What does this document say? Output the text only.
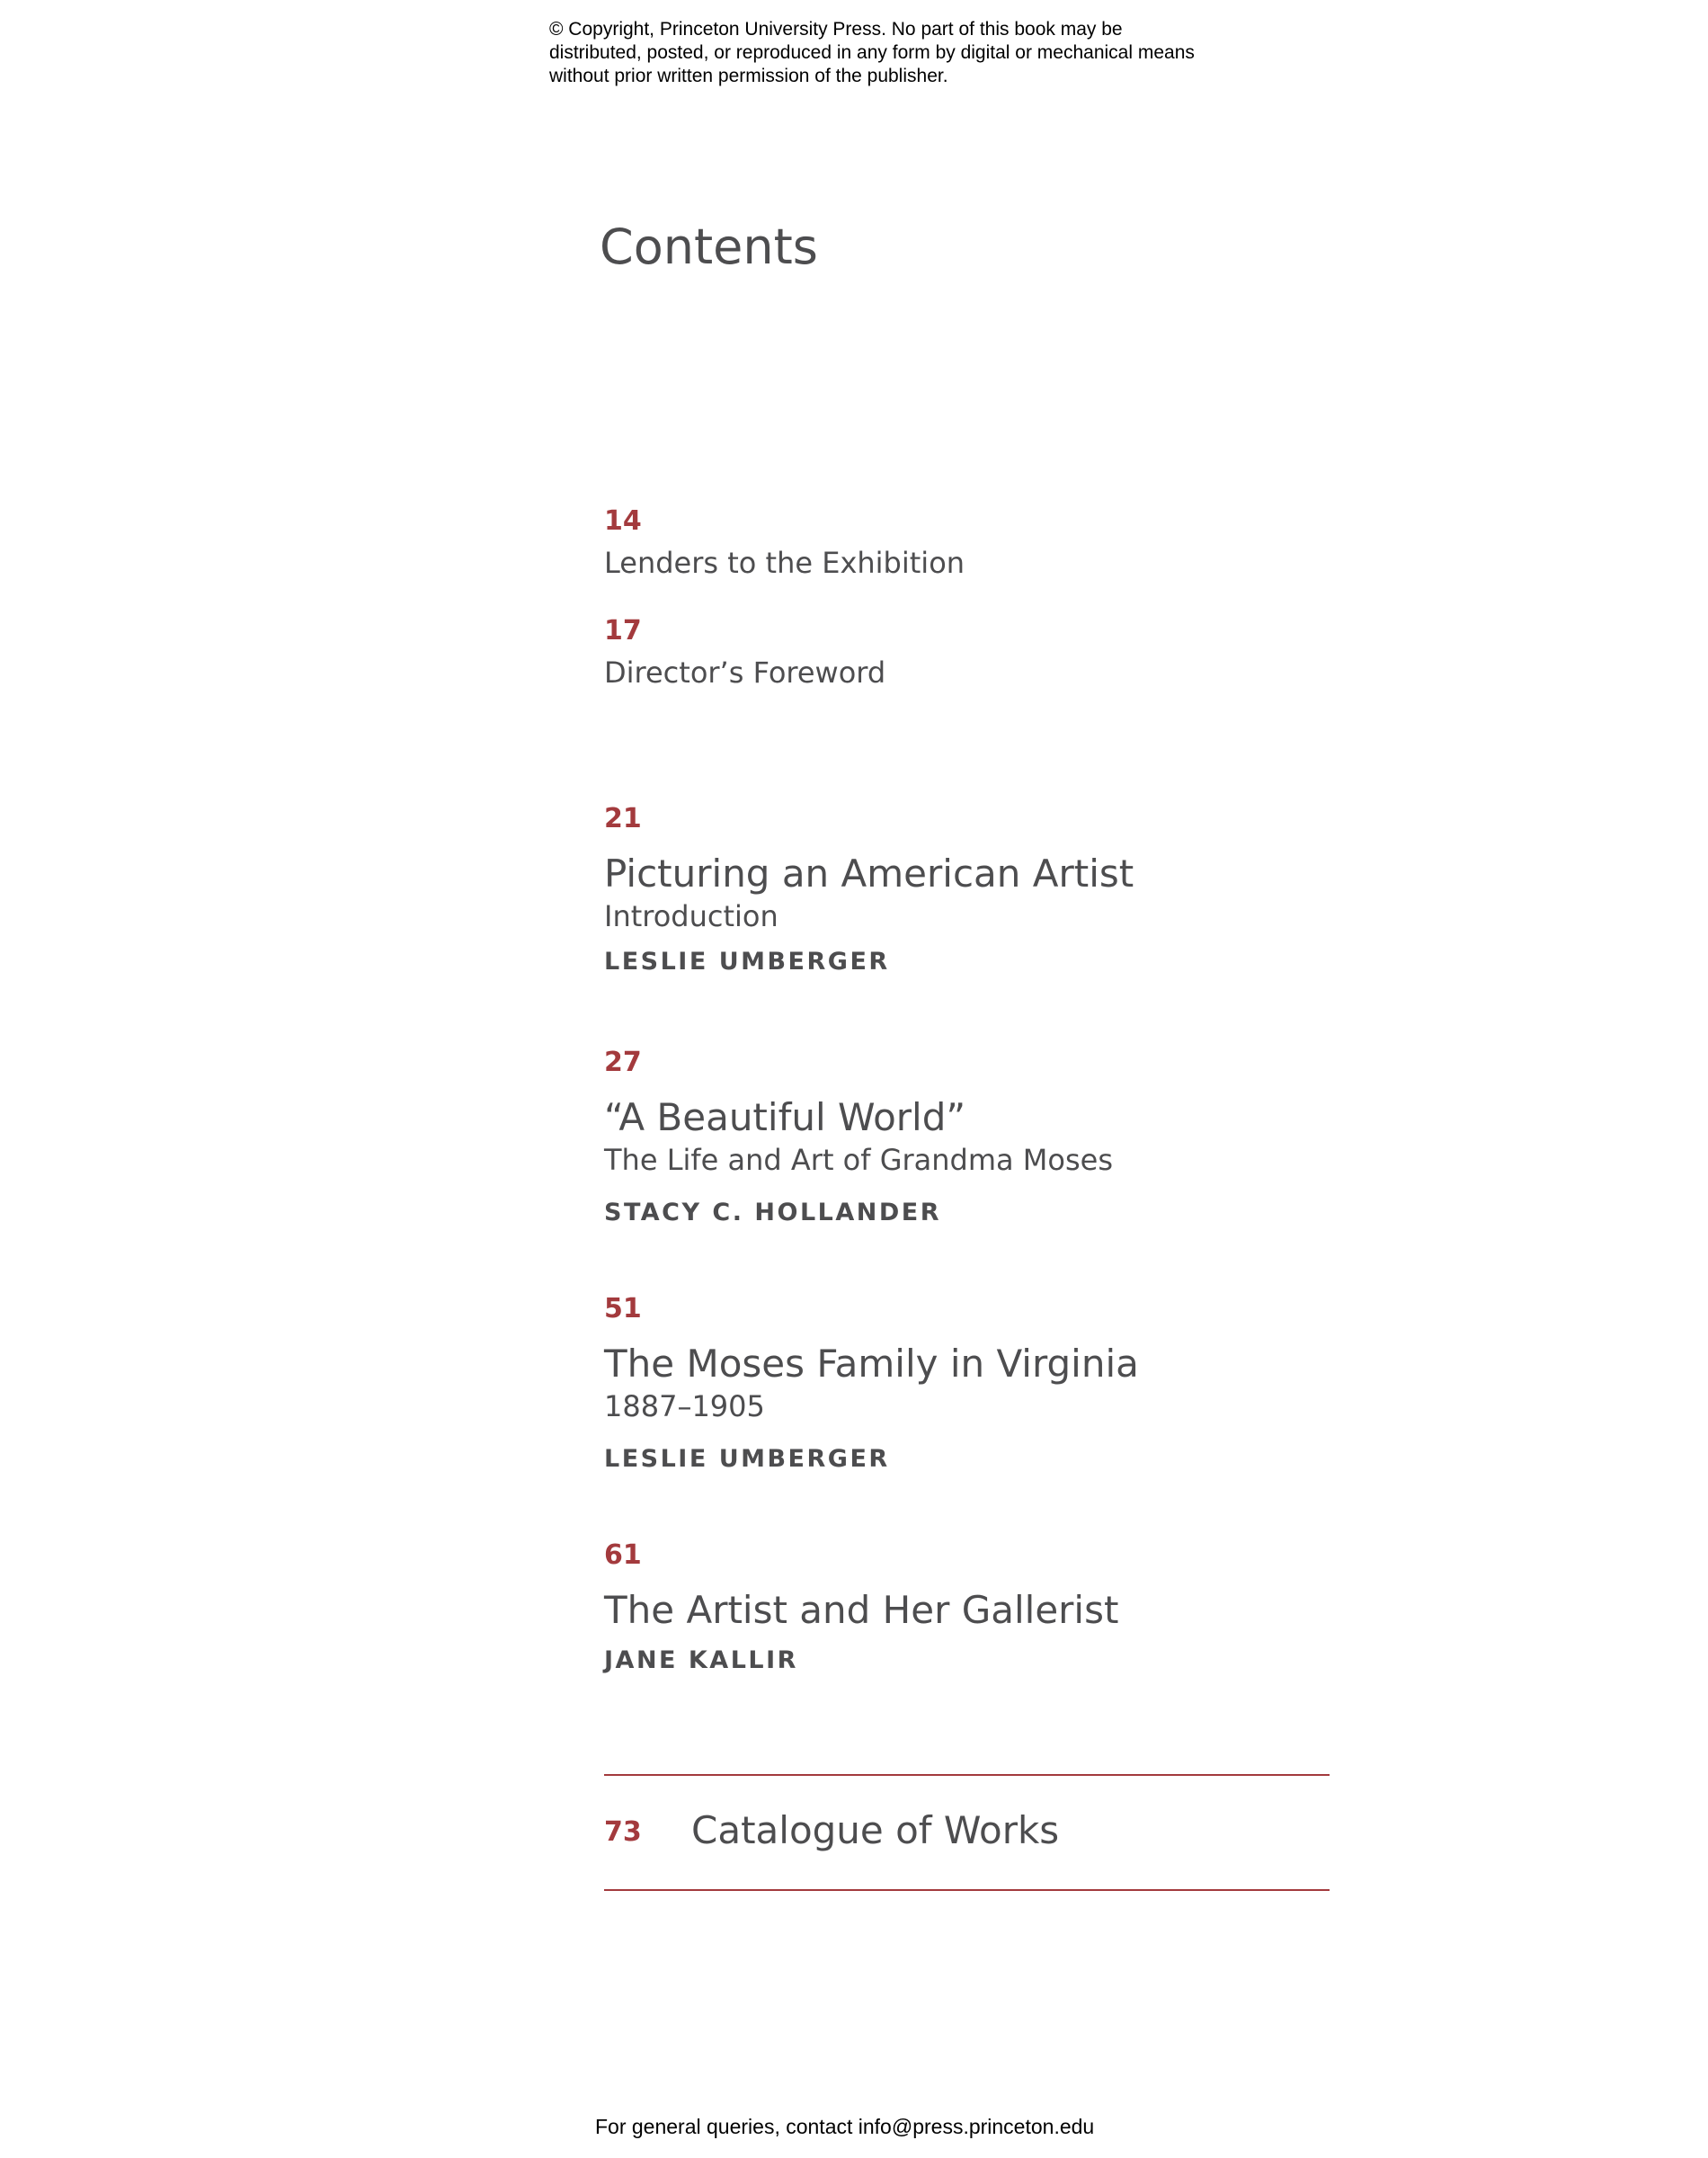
© Copyright, Princeton University Press. No part of this book may be distributed, posted, or reproduced in any form by digital or mechanical means without prior written permission of the publisher.
Contents
14
Lenders to the Exhibition
17
Director’s Foreword
21
Picturing an American Artist
Introduction
LESLIE UMBERGER
27
“A Beautiful World”
The Life and Art of Grandma Moses
STACY C. HOLLANDER
51
The Moses Family in Virginia
1887–1905
LESLIE UMBERGER
61
The Artist and Her Gallerist
JANE KALLIR
73 Catalogue of Works
For general queries, contact info@press.princeton.edu
